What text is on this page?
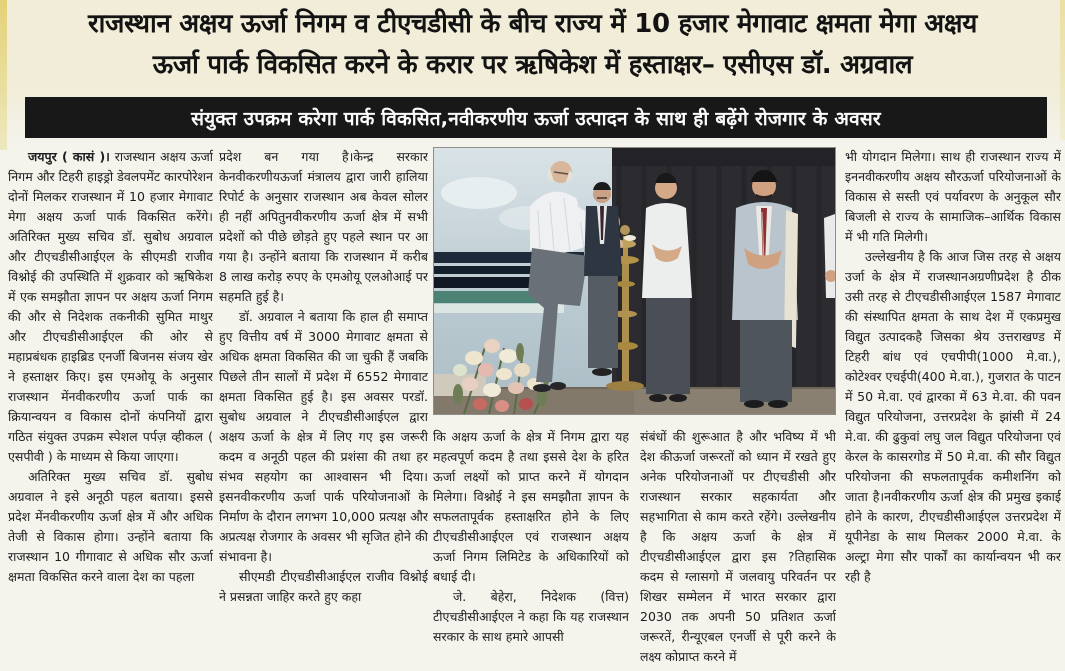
राजस्थान अक्षय ऊर्जा निगम व टीएचडीसी के बीच राज्य में 10 हजार मेगावाट क्षमता मेगा अक्षय
ऊर्जा पार्क विकसित करने के करार पर ऋषिकेश में हस्ताक्षर– एसीएस डॉ. अग्रवाल
संयुक्त उपक्रम करेगा पार्क विकसित,नवीकरणीय ऊर्जा उत्पादन के साथ ही बढ़ेंगे रोजगार के अवसर

जयपुर ( कासं )। राजस्थान अक्षय ऊर्जा निगम और टिहरी हाइड्रो डेवलपमेंट कारपोरेशन दोनों मिलकर राजस्थान में 10 हजार मेगावाट मेगा अक्षय ऊर्जा पार्क विकसित करेंगे। अतिरिक्त मुख्य सचिव डॉ. सुबोध अग्रवाल और टीएचडीसीआईएल के सीएमडी राजीव विश्नोई की उपस्थिति में शुक्रवार को ऋषिकेश में एक समझौता ज्ञापन पर अक्षय ऊर्जा निगम की और से निदेशक तकनीकी सुमित माथुर और टीएचडीसीआईएल की ओर से महाप्रबंधक हाइब्रिड एनर्जी बिजनस संजय खेर ने हस्ताक्षर किए। इस एमओयू के अनुसार राजस्थान मेंनवीकरणीय ऊर्जा पार्क का क्रियान्वयन व विकास दोनों कंपनियों द्वारा गठित संयुक्त उपक्रम स्पेशल पर्पज़ व्हीकल ( एसपीवी ) के माध्यम से किया जाएगा।

अतिरिक्त मुख्य सचिव डॉ. सुबोध अग्रवाल ने इसे अनूठी पहल बताया। इससे प्रदेश मेंनवीकरणीय ऊर्जा क्षेत्र में और अधिक तेजी से विकास होगा। उन्होंने बताया कि राजस्थान 10 गीगावाट से अधिक सौर ऊर्जा क्षमता विकसित करने वाला देश का पहला

प्रदेश बन गया है।केन्द्र सरकार केनवीकरणीयऊर्जा मंत्रालय द्वारा जारी हालिया रिपोर्ट के अनुसार राजस्थान अब केवल सोलर ही नहीं अपितुनवीकरणीय ऊर्जा क्षेत्र में सभी प्रदेशों को पीछे छोड़ते हुए पहले स्थान पर आ गया है। उन्होंने बताया कि राजस्थान में करीब 8 लाख करोड़ रुपए के एमओयू एलओआई पर सहमति हुई है।

डॉ. अग्रवाल ने बताया कि हाल ही समाप्त हुए वित्तीय वर्ष में 3000 मेगावाट क्षमता से अधिक क्षमता विकसित की जा चुकी हैं जबकि पिछले तीन सालों में प्रदेश में 6552 मेगावाट क्षमता विकसित हुई है। इस अवसर परडॉ. सुबोध अग्रवाल ने टीएचडीसीआईएल द्वारा अक्षय ऊर्जा के क्षेत्र में लिए गए इस जरूरी कदम व अनूठी पहल की प्रशंसा की तथा हर संभव सहयोग का आश्वासन भी दिया। इसनवीकरणीय ऊर्जा पार्क परियोजनाओं के निर्माण के दौरान लगभग 10,000 प्रत्यक्ष और अप्रत्यक्ष रोजगार के अवसर भी सृजित होने की संभावना है।

सीएमडी टीएचडीसीआईएल राजीव विश्नोई ने प्रसन्नता जाहिर करते हुए कहा

कि अक्षय ऊर्जा के क्षेत्र में निगम द्वारा यह महत्वपूर्ण कदम है तथा इससे देश के हरित ऊर्जा लक्ष्यों को प्राप्त करने में योगदान मिलेगा। विश्नोई ने इस समझौता ज्ञापन के सफलतापूर्वक हस्ताक्षरित होने के लिए टीएचडीसीआईएल एवं राजस्थान अक्षय ऊर्जा निगम लिमिटेड के अधिकारियों को बधाई दी।

जे. बेहेरा, निदेशक (वित्त) टीएचडीसीआईएल ने कहा कि यह राजस्थान सरकार के साथ हमारे आपसी

संबंधों की शुरूआत है और भविष्य में भी देश कीऊर्जा जरूरतों को ध्यान में रखते हुए अनेक परियोजनाओं पर टीएचडीसी और राजस्थान सरकार सहकार्यता और सहभागिता से काम करते रहेंगे। उल्लेखनीय है कि अक्षय ऊर्जा के क्षेत्र में टीएचडीसीआईएल द्वारा इस ?तिहासिक कदम से ग्लासगो में जलवायु परिवर्तन पर शिखर सम्मेलन में भारत सरकार द्वारा 2030 तक अपनी 50 प्रतिशत ऊर्जा जरूरतें, रीन्यूएबल एनर्जी से पूरी करने के लक्ष्य कोप्राप्त करने में

भी योगदान मिलेगा। साथ ही राजस्थान राज्य में इननवीकरणीय अक्षय सौरऊर्जा परियोजनाओं के विकास से सस्ती एवं पर्यावरण के अनुकूल सौर बिजली से राज्य के सामाजिक–आर्थिक विकास में भी गति मिलेगी।

उल्लेखनीय है कि आज जिस तरह से अक्षय उर्जा के क्षेत्र में राजस्थानअग्रणीप्रदेश है ठीक उसी तरह से टीएचडीसीआईएल 1587 मेगावाट की संस्थापित क्षमता के साथ देश में एकप्रमुख विद्युत उत्पादकहै जिसका श्रेय उत्तराखण्ड में टिहरी बांध एवं एचपीपी(1000 मे.वा.), कोटेश्वर एचईपी(400 मे.वा.), गुजरात के पाटन में 50 मे.वा. एवं द्वारका में 63 मे.वा. की पवन विद्युत परियोजना, उत्तरप्रदेश के झांसी में 24 मे.वा. की ढुकुवां लघु जल विद्युत परियोजना एवं केरल के कासरगोड में 50 मे.वा. की सौर विद्युत परियोजना की सफलतापूर्वक कमीशनिंग को जाता है।नवीकरणीय ऊर्जा क्षेत्र की प्रमुख इकाई होने के कारण, टीएचडीसीआईएल उत्तरप्रदेश में यूपीनेडा के साथ मिलकर 2000 मे.वा. के अल्ट्रा मेगा सौर पार्कों का कार्यान्वयन भी कर रही है
